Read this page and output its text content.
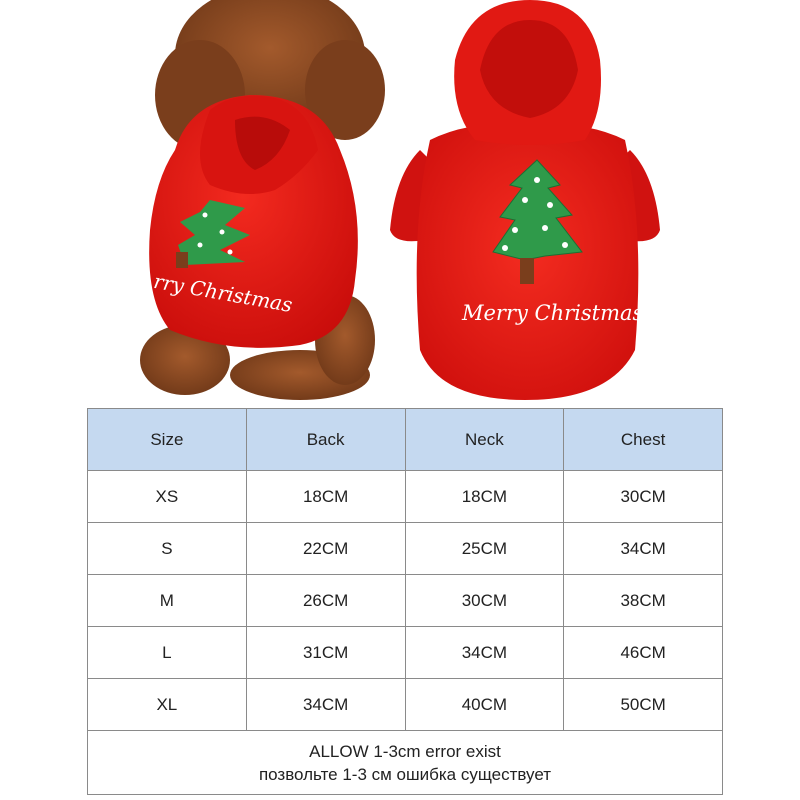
rry Christmas	Merry Christmas
Size	Back	Neck	Chest
XS	18CM	18CM	30CM
S	22CM	25CM	34CM
M	26CM	30CM	38CM
L	31CM	34CM	46CM
XL	34CM	40CM	50CM

ALLOW 1-3cm error exist
позвольте 1-3 см ошибка существует			
